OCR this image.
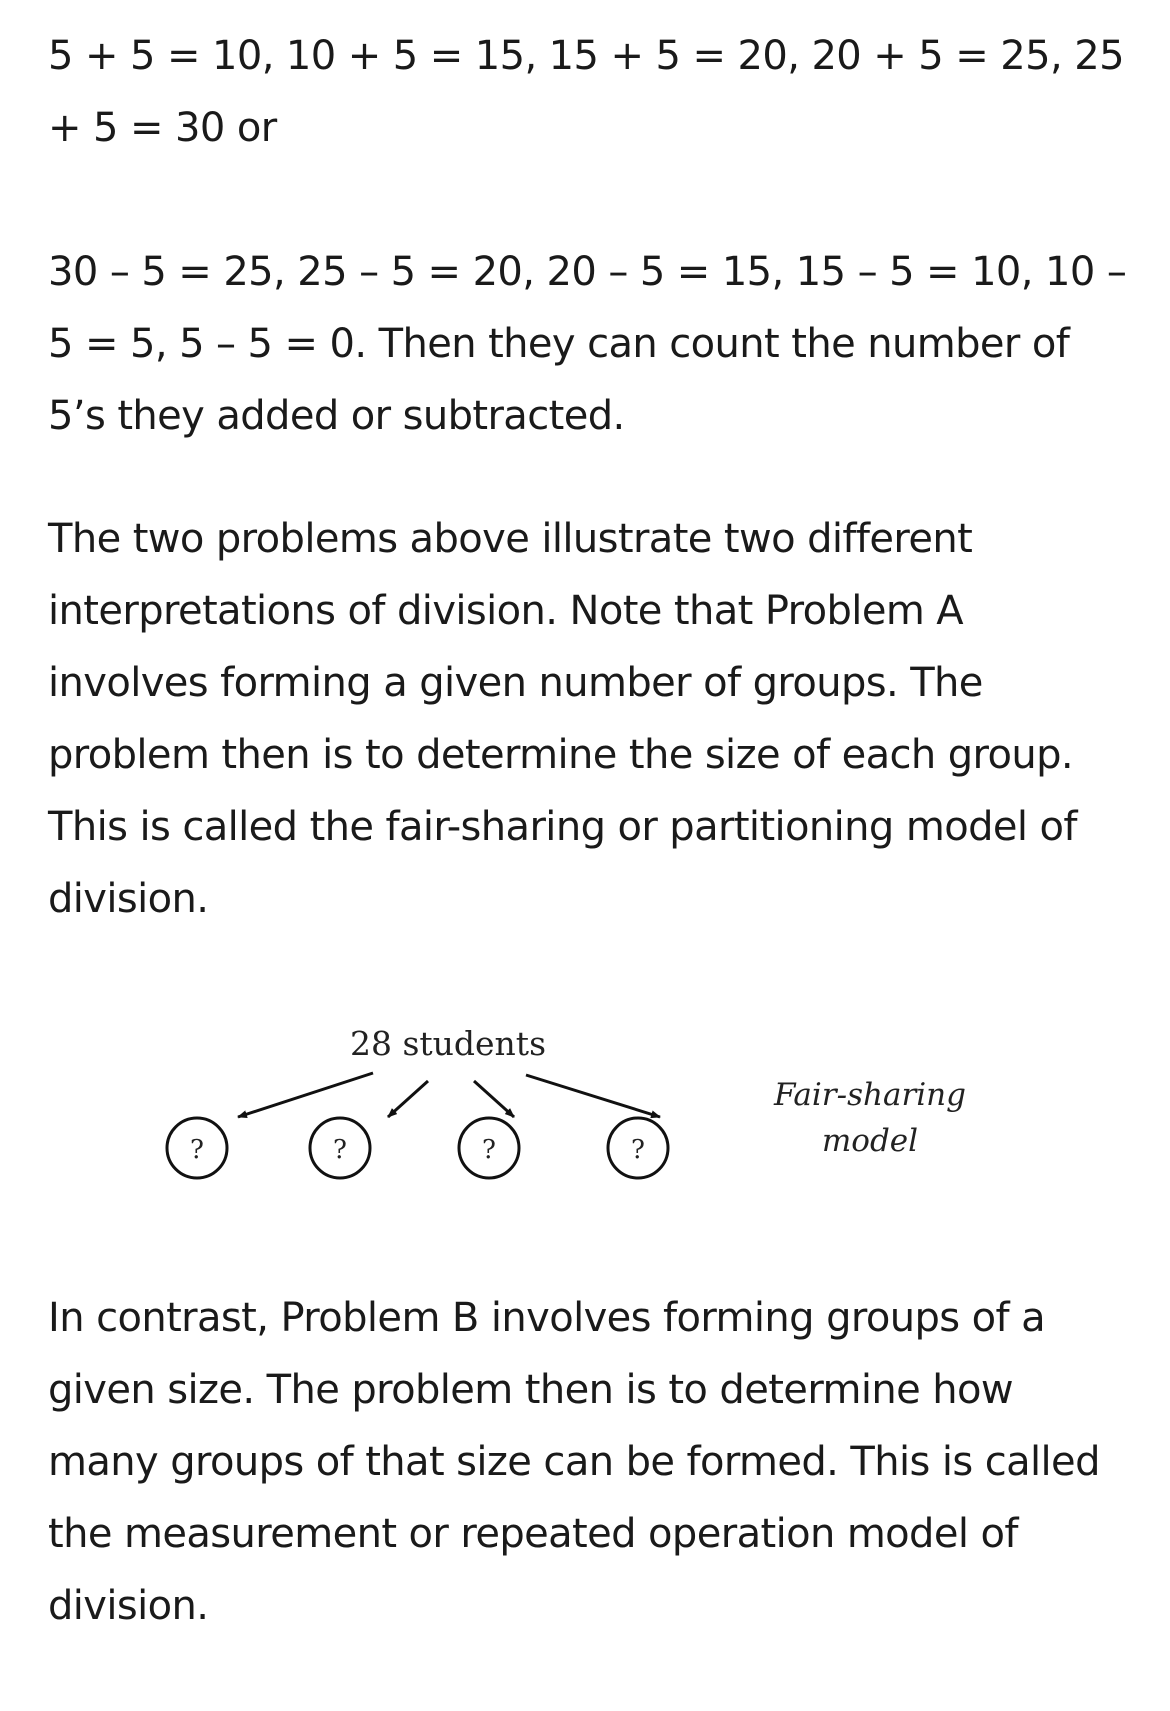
5 + 5 = 10, 10 + 5 = 15, 15 + 5 = 20, 20 + 5 = 25, 25 + 5 = 30 or

30 – 5 = 25, 25 – 5 = 20, 20 – 5 = 15, 15 – 5 = 10, 10 – 5 = 5, 5 – 5 = 0. Then they can count the number of 5’s they added or subtracted.

The two problems above illustrate two different interpretations of division. Note that Problem A involves forming a given number of groups. The problem then is to determine the size of each group. This is called the fair-sharing or partitioning model of division.

28 students
?	?	?	?
Fair-sharing
model

In contrast, Problem B involves forming groups of a given size. The problem then is to determine how many groups of that size can be formed. This is called the measurement or repeated operation model of division.
